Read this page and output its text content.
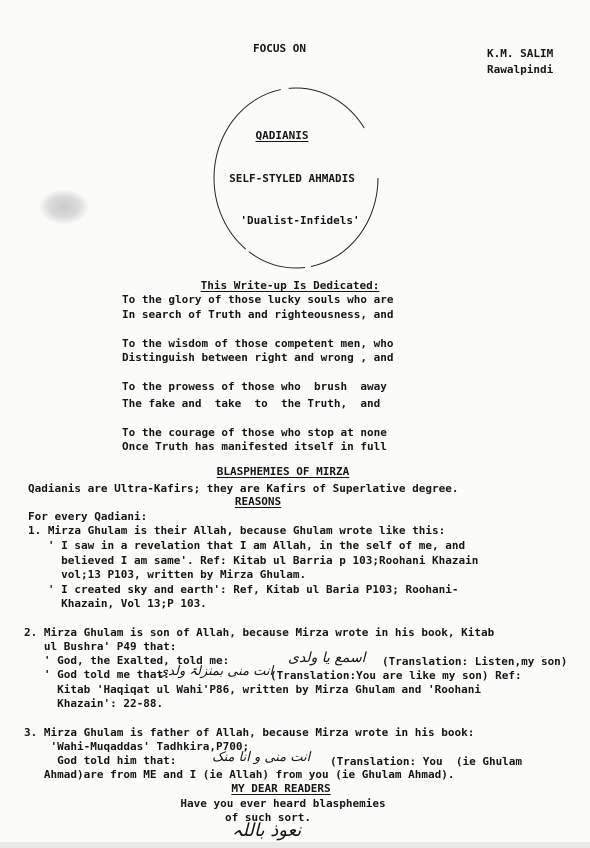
FOCUS ON	K.M. SALIM
Rawalpindi
QADIANIS
SELF-STYLED AHMADIS
'Dualist-Infidels'
This Write-up Is Dedicated:
To the glory of those lucky souls who are
In search of Truth and righteousness, and
To the wisdom of those competent men, who
Distinguish between right and wrong , and
To the prowess of those who  brush  away
The fake and  take  to  the Truth,  and
To the courage of those who stop at none
Once Truth has manifested itself in full
BLASPHEMIES OF MIRZA
Qadianis are Ultra-Kafirs; they are Kafirs of Superlative degree.
REASONS
For every Qadiani:
1. Mirza Ghulam is their Allah, because Ghulam wrote like this:
' I saw in a revelation that I am Allah, in the self of me, and
believed I am same'. Ref: Kitab ul Barria p 103;Roohani Khazain
vol;13 P103, written by Mirza Ghulam.
' I created sky and earth': Ref, Kitab ul Baria P103; Roohani-
Khazain, Vol 13;P 103.
2. Mirza Ghulam is son of Allah, because Mirza wrote in his book, Kitab
ul Bushra' P49 that:
' God, the Exalted, told me:	اسمع یا ولدی (Translation: Listen,my son)
' God told me that:
انت منی بمنزلۃ ولدی
(Translation:You are like my son) Ref:
Kitab 'Haqiqat ul Wahi'P86, written by Mirza Ghulam and 'Roohani
Khazain': 22-88.
3. Mirza Ghulam is father of Allah, because Mirza wrote in his book:
'Wahi-Muqaddas' Tadhkira,P700;
God told him that:	انت منی و انا منک (Translation: You  (ie Ghulam
Ahmad)are from ME and I (ie Allah) from you (ie Ghulam Ahmad).
MY DEAR READERS
Have you ever heard blasphemies
of such sort.
نعوذ باللہ
